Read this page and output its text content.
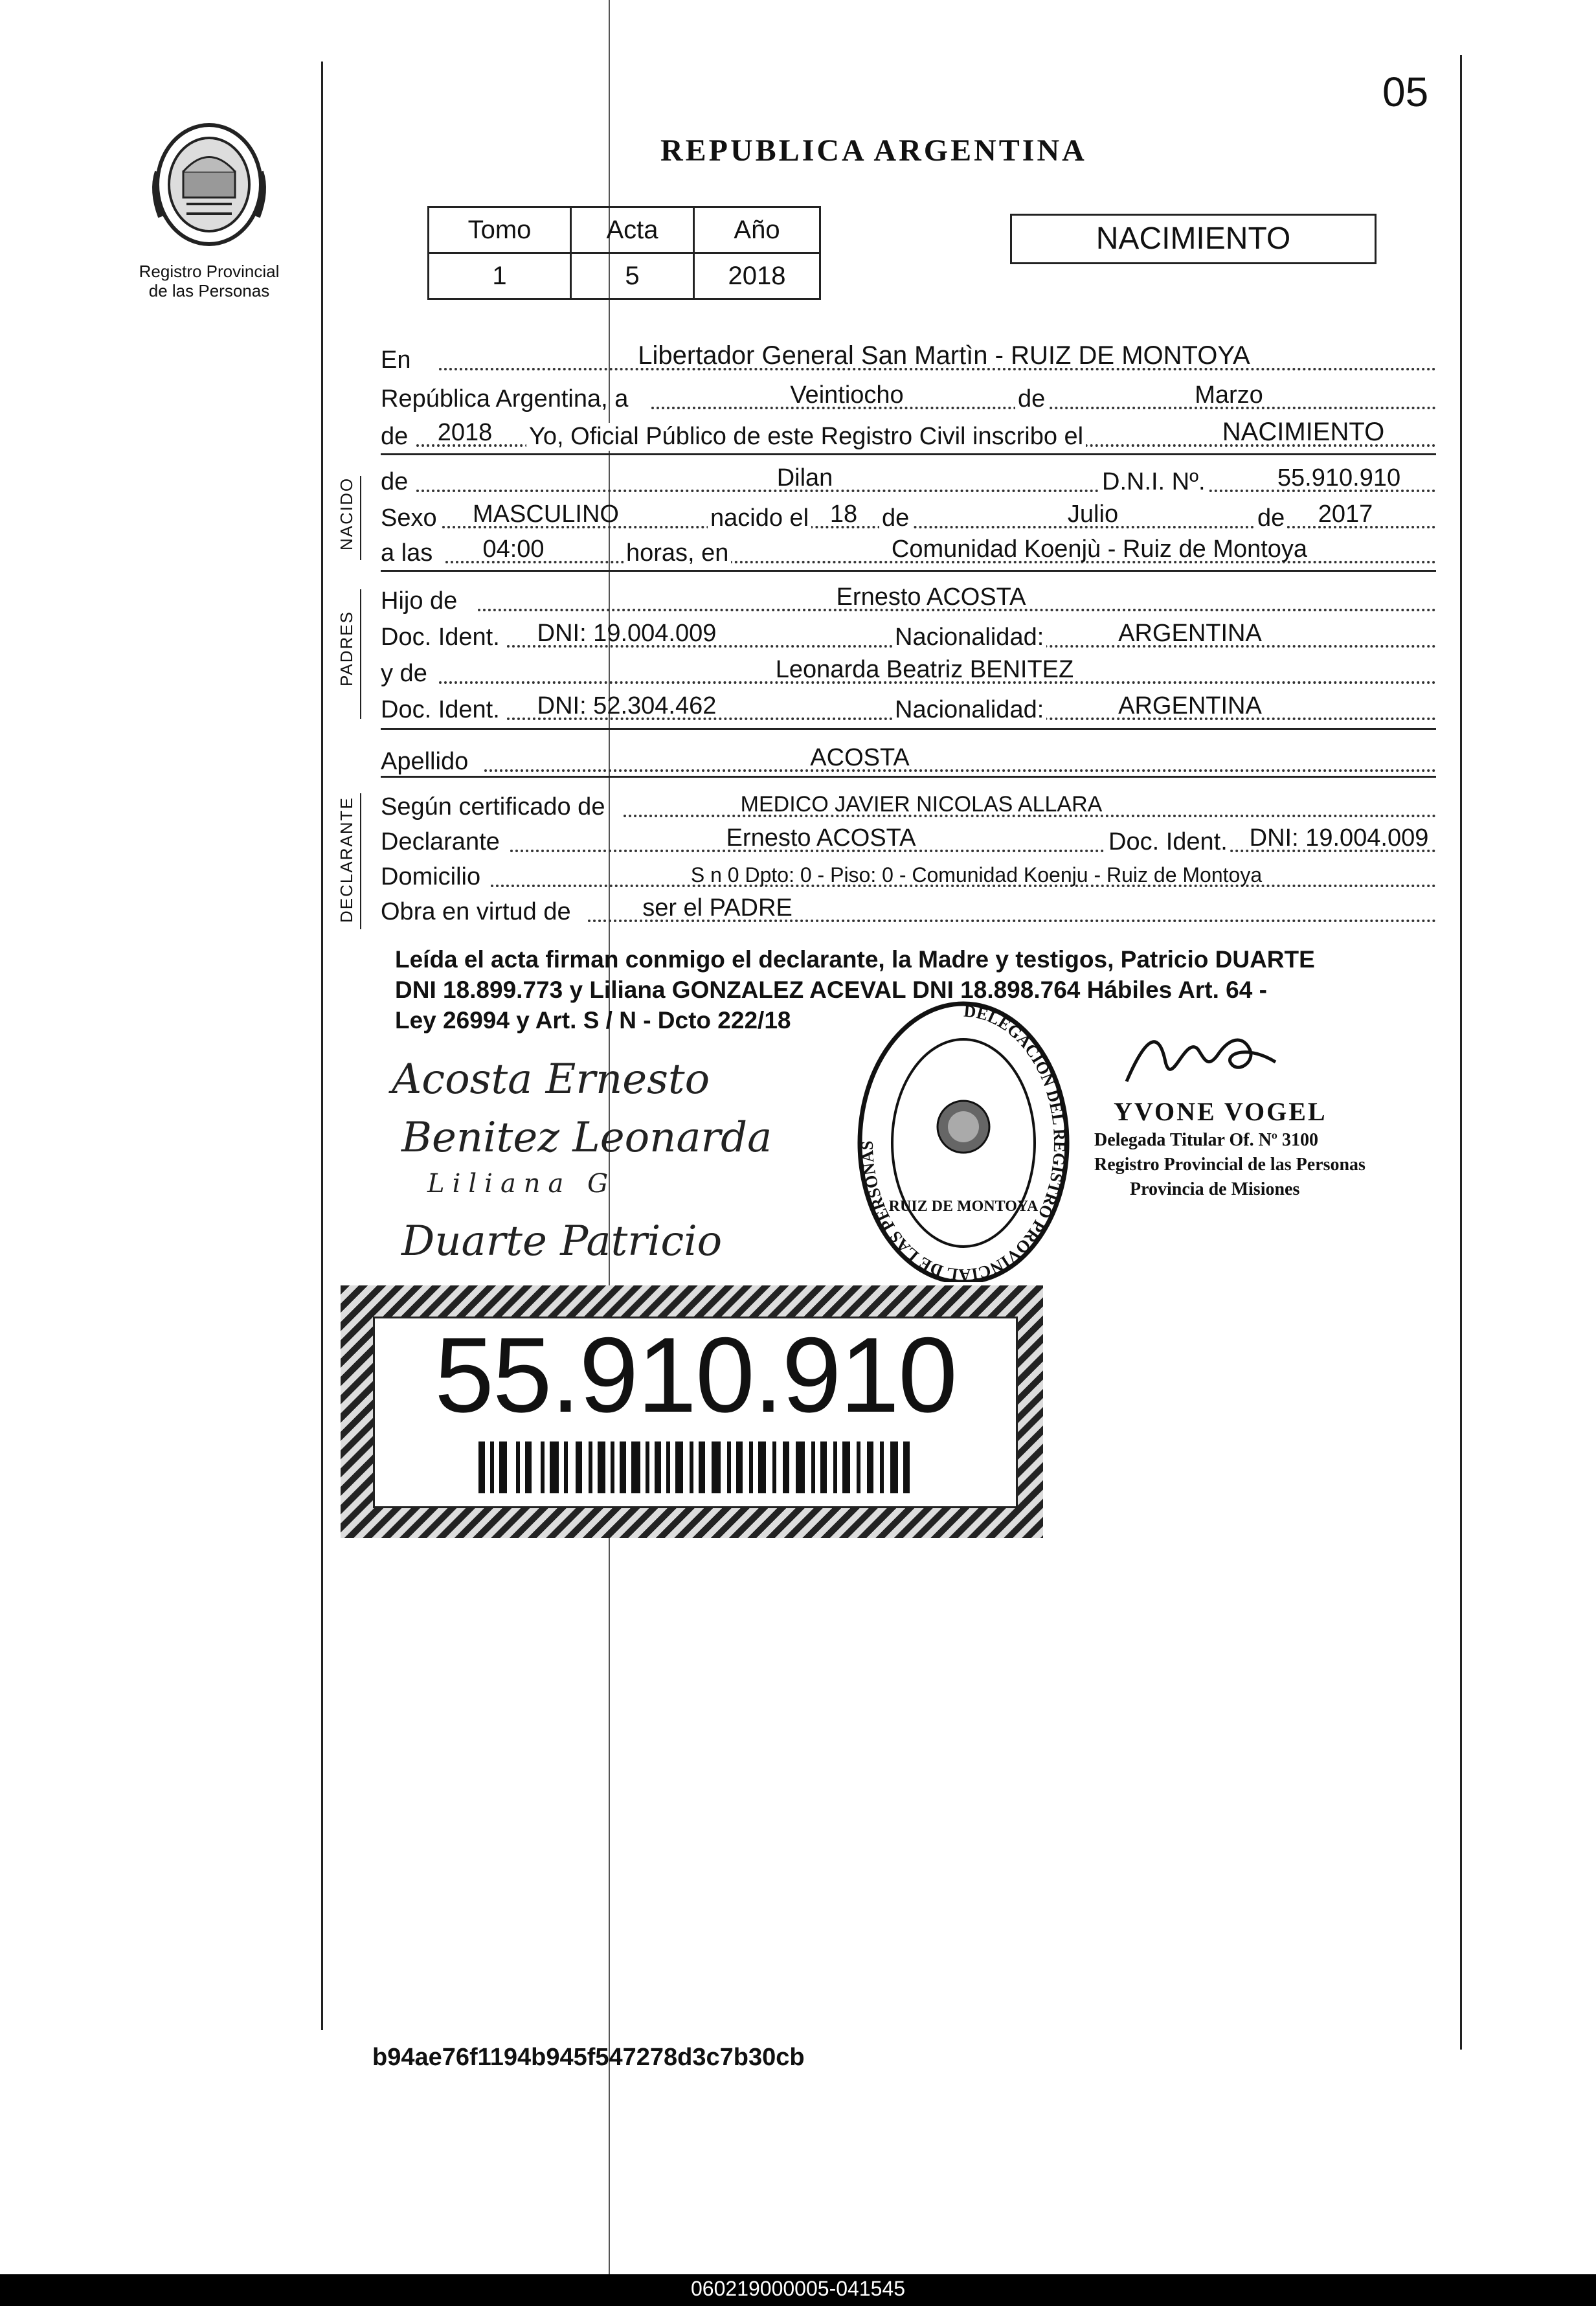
05
Registro Provincial
de las Personas
REPUBLICA ARGENTINA
Tomo	Acta	Año
1	5	2018
NACIMIENTO
NACIDO
PADRES
DECLARANTE
En	Libertador General San Martìn - RUIZ DE MONTOYA
República Argentina, a	Veintiocho	de	Marzo
de	2018	Yo, Oficial Público de este Registro Civil inscribo el	NACIMIENTO
de	Dilan	D.N.I. Nº.	55.910.910
Sexo	MASCULINO	nacido el 18 de	Julio	de	2017
a las	04:00	horas, en	Comunidad Koenjù - Ruiz de Montoya
Hijo de	Ernesto ACOSTA
Doc. Ident.	DNI: 19.004.009	Nacionalidad:	ARGENTINA
y de	Leonarda Beatriz BENITEZ
Doc. Ident.	DNI: 52.304.462	Nacionalidad:	ARGENTINA
Apellido	ACOSTA
Según certificado de	MEDICO JAVIER NICOLAS ALLARA
Declarante	Ernesto ACOSTA	Doc. Ident. DNI: 19.004.009
Domicilio	S n 0 Dpto: 0 - Piso: 0 - Comunidad Koenju - Ruiz de Montoya
Obra en virtud de	ser el PADRE
Leída el acta firman conmigo el declarante, la Madre y testigos, Patricio DUARTE
DNI 18.899.773 y Liliana GONZALEZ ACEVAL DNI 18.898.764 Hábiles Art. 64 -
Ley 26994 y Art. S / N - Dcto 222/18
Acosta Ernesto
Benitez Leonarda
Liliana G
Duarte Patricio
RUIZ DE MONTOYA
DELEGACION DEL REGISTRO PROVINCIAL DE LAS PERSONAS
YVONE VOGEL
Delegada Titular Of. Nº 3100
Registro Provincial de las Personas
Provincia de Misiones
55.910.910
b94ae76f1194b945f547278d3c7b30cb
060219000005-041545
